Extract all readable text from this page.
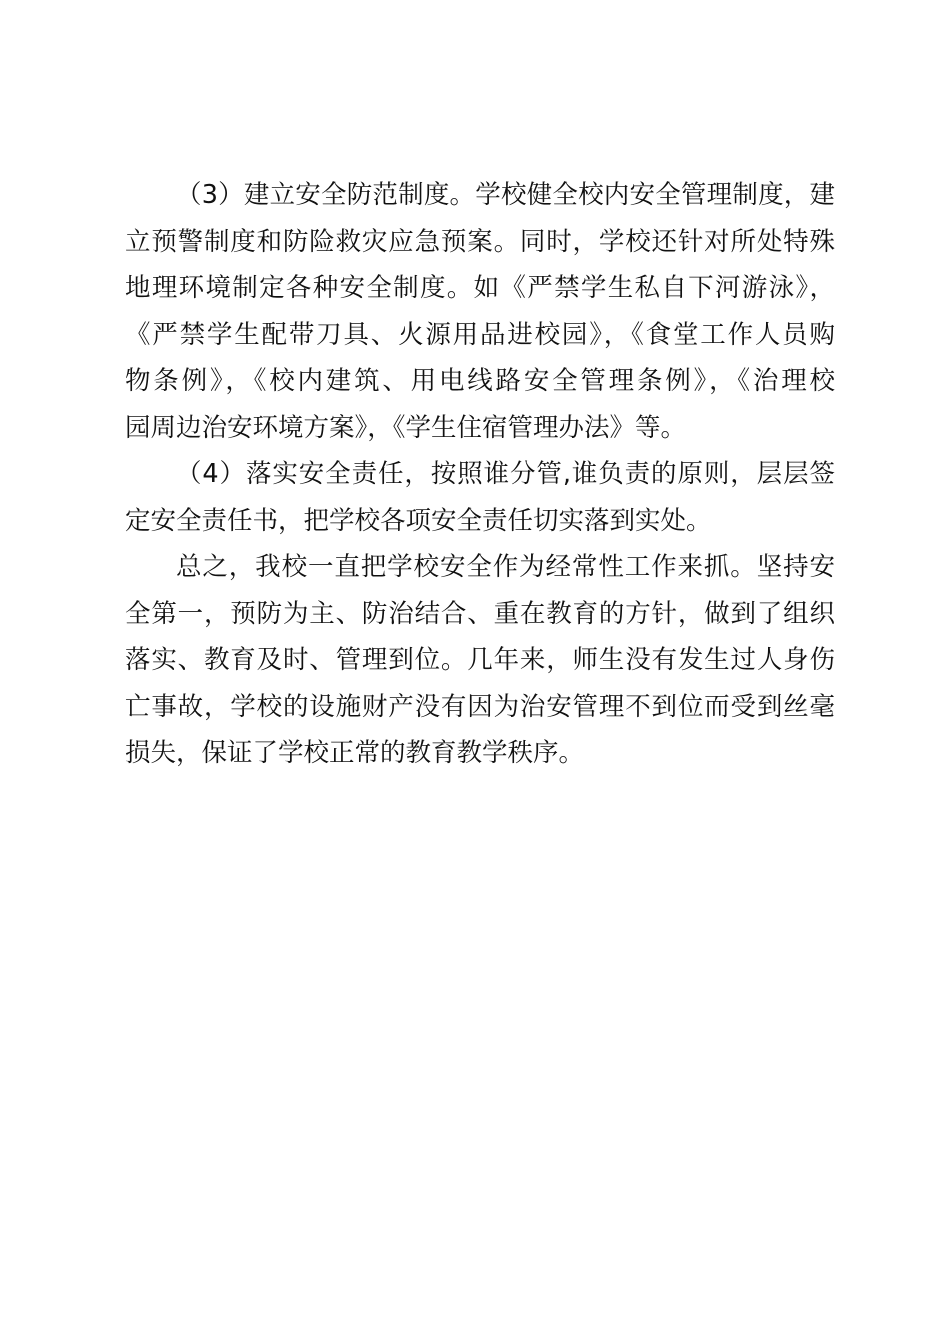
（3）建立安全防范制度。学校健全校内安全管理制度，建
立预警制度和防险救灾应急预案。同时，学校还针对所处特殊
地理环境制定各种安全制度。如《严禁学生私自下河游泳》，
《严禁学生配带刀具、火源用品进校园》，《食堂工作人员购
物条例》，《校内建筑、用电线路安全管理条例》，《治理校
园周边治安环境方案》，《学生住宿管理办法》等。

（4）落实安全责任，按照谁分管,谁负责的原则，层层签
定安全责任书，把学校各项安全责任切实落到实处。

总之，我校一直把学校安全作为经常性工作来抓。坚持安
全第一，预防为主、防治结合、重在教育的方针，做到了组织
落实、教育及时、管理到位。几年来，师生没有发生过人身伤
亡事故，学校的设施财产没有因为治安管理不到位而受到丝毫
损失，保证了学校正常的教育教学秩序。
